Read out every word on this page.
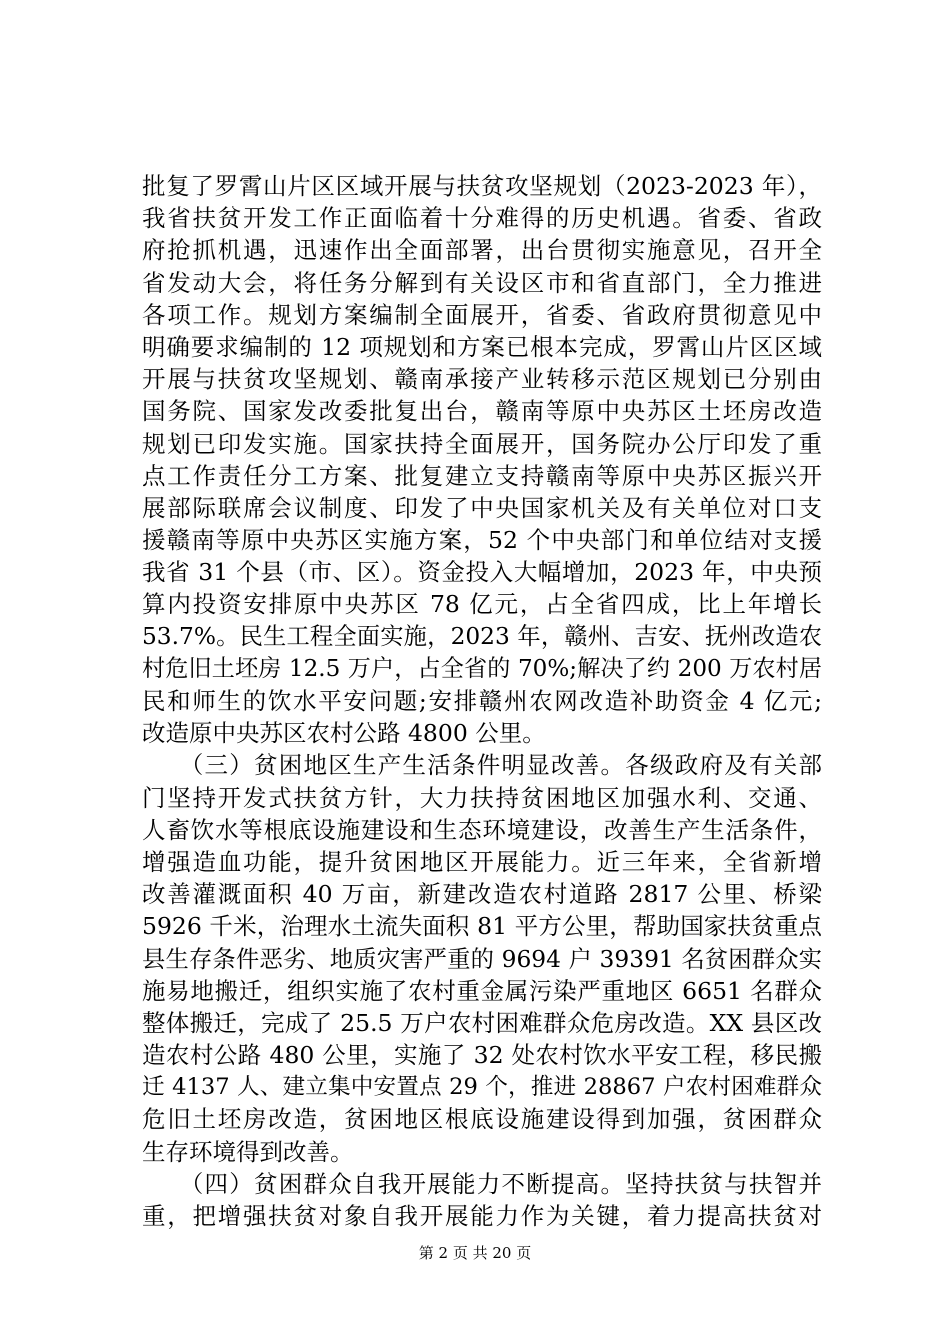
批复了罗霄山片区区域开展与扶贫攻坚规划（2023-2023 年），
我省扶贫开发工作正面临着十分难得的历史机遇。省委、省政
府抢抓机遇，迅速作出全面部署，出台贯彻实施意见，召开全
省发动大会，将任务分解到有关设区市和省直部门，全力推进
各项工作。规划方案编制全面展开，省委、省政府贯彻意见中
明确要求编制的 12 项规划和方案已根本完成，罗霄山片区区域
开展与扶贫攻坚规划、赣南承接产业转移示范区规划已分别由
国务院、国家发改委批复出台，赣南等原中央苏区土坯房改造
规划已印发实施。国家扶持全面展开，国务院办公厅印发了重
点工作责任分工方案、批复建立支持赣南等原中央苏区振兴开
展部际联席会议制度、印发了中央国家机关及有关单位对口支
援赣南等原中央苏区实施方案，52 个中央部门和单位结对支援
我省 31 个县（市、区）。资金投入大幅增加，2023 年，中央预
算内投资安排原中央苏区 78 亿元，占全省四成，比上年增长
53.7%。民生工程全面实施，2023 年，赣州、吉安、抚州改造农
村危旧土坯房 12.5 万户，占全省的 70%;解决了约 200 万农村居
民和师生的饮水平安问题;安排赣州农网改造补助资金 4 亿元;
改造原中央苏区农村公路 4800 公里。
　　（三）贫困地区生产生活条件明显改善。各级政府及有关部
门坚持开发式扶贫方针，大力扶持贫困地区加强水利、交通、
人畜饮水等根底设施建设和生态环境建设，改善生产生活条件，
增强造血功能，提升贫困地区开展能力。近三年来，全省新增
改善灌溉面积 40 万亩，新建改造农村道路 2817 公里、桥梁
5926 千米，治理水土流失面积 81 平方公里，帮助国家扶贫重点
县生存条件恶劣、地质灾害严重的 9694 户 39391 名贫困群众实
施易地搬迁，组织实施了农村重金属污染严重地区 6651 名群众
整体搬迁，完成了 25.5 万户农村困难群众危房改造。XX 县区改
造农村公路 480 公里，实施了 32 处农村饮水平安工程，移民搬
迁 4137 人、建立集中安置点 29 个，推进 28867 户农村困难群众
危旧土坯房改造，贫困地区根底设施建设得到加强，贫困群众
生存环境得到改善。
　　（四）贫困群众自我开展能力不断提高。坚持扶贫与扶智并
重，把增强扶贫对象自我开展能力作为关键，着力提高扶贫对
第 2 页 共 20 页
